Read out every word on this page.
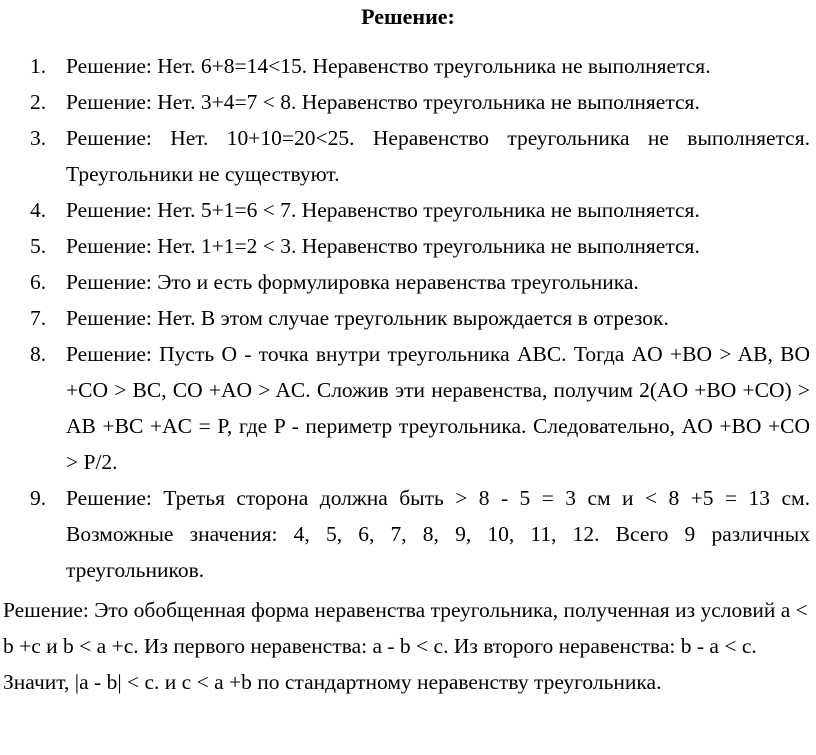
Решение:
1. Решение: Нет. 6+8=14<15. Неравенство треугольника не выполняется.
2. Решение: Нет. 3+4=7 < 8. Неравенство треугольника не выполняется.
3. Решение: Нет. 10+10=20<25. Неравенство треугольника не выполняется. Треугольники не существуют.
4. Решение: Нет. 5+1=6 < 7. Неравенство треугольника не выполняется.
5. Решение: Нет. 1+1=2 < 3. Неравенство треугольника не выполняется.
6. Решение: Это и есть формулировка неравенства треугольника.
7. Решение: Нет. В этом случае треугольник вырождается в отрезок.
8. Решение: Пусть O - точка внутри треугольника ABC. Тогда AO +BO > AB, BO +CO > BC, CO +AO > AC. Сложив эти неравенства, получим 2(AO +BO +CO) > AB +BC +AC = P, где P - периметр треугольника. Следовательно, AO +BO +CO > P/2.
9. Решение: Третья сторона должна быть > 8 - 5 = 3 см и < 8 +5 = 13 см. Возможные значения: 4, 5, 6, 7, 8, 9, 10, 11, 12. Всего 9 различных треугольников.

Решение: Это обобщенная форма неравенства треугольника, полученная из условий a < b +c и b < a +c. Из первого неравенства: a - b < c. Из второго неравенства: b - a < c. Значит, |a - b| < c. и c < a +b по стандартному неравенству треугольника.
